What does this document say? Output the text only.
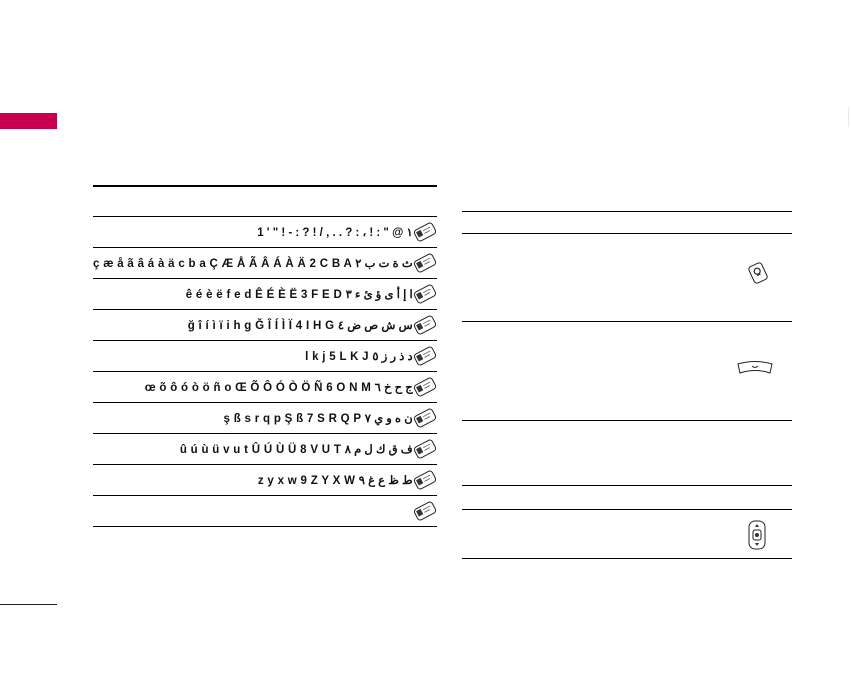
1 ' " ! - : ? ! / , . . ? : ، ! : " @ ١	

ç æ å ã â á à ä c b a Ç Æ Å Ã Â Á À Ä 2 C B A ث ة ت ب ٢	

ê é è ë f e d Ê É È Ë 3 F E D ا إ أ ى ؤ ئ ء ٣	

ğ î í ì ï i h g Ğ Î Í Ì Ï 4 I H G س ش ص ض ٤	

l k j 5 L K J د ذ ر ز ٥	

œ õ ô ó ò ö ñ o Œ Õ Ô Ó Ò Ö Ñ 6 O N M ج ح خ ٦	

ş ß s r q p Ş ß 7 S R Q P ن ه و ي ٧	

û ú ù ü v u t Û Ú Ù Ü 8 V U T ف ق ك ل م ٨	

z y x w 9 Z Y X W ط ظ ع غ ٩	
